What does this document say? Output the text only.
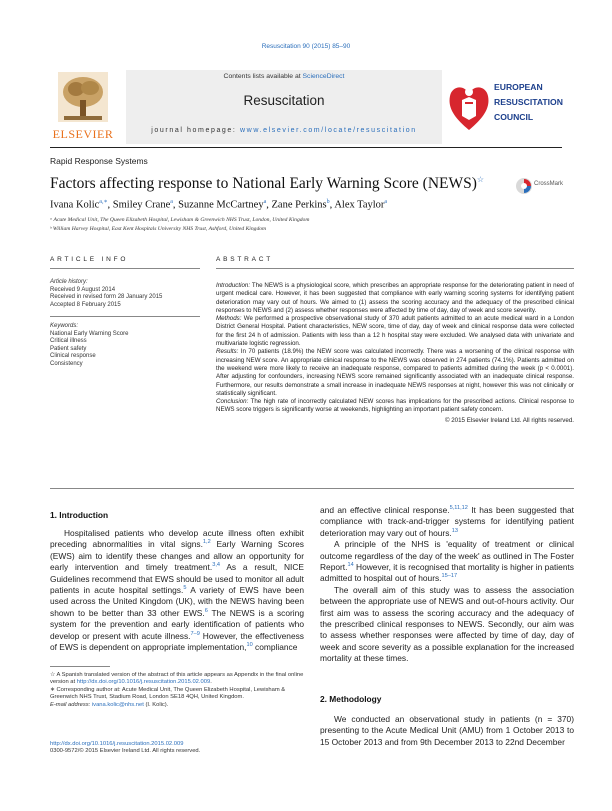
Resuscitation 90 (2015) 85–90
ELSEVIER
Contents lists available at ScienceDirect
Resuscitation
journal homepage: www.elsevier.com/locate/resuscitation
EUROPEAN
RESUSCITATION
COUNCIL
Rapid Response Systems
Factors affecting response to National Early Warning Score (NEWS)☆	CrossMark
Ivana Kolic$^{a,∗}$, Smiley Crane$^a$, Suzanne McCartney$^a$, Zane Perkins$^b$, Alex Taylor$^a$
ᵃ Acute Medical Unit, The Queen Elizabeth Hospital, Lewisham & Greenwich NHS Trust, London, United Kingdom
ᵇ William Harvey Hospital, East Kent Hospitals University NHS Trust, Ashford, United Kingdom
ARTICLE INFO
Article history:
Received 9 August 2014
Received in revised form 28 January 2015
Accepted 8 February 2015
Keywords:
National Early Warning Score
Critical illness
Patient safety
Clinical response
Consistency
ABSTRACT
Introduction: The NEWS is a physiological score, which prescribes an appropriate response for the deteriorating patient in need of urgent medical care. However, it has been suggested that compliance with early warning scoring systems for identifying patient deterioration may vary out of hours. We aimed to (1) assess the scoring accuracy and the adequacy of the prescribed clinical responses to NEWS and (2) assess whether responses were affected by time of day, day of week and score severity.
Methods: We performed a prospective observational study of 370 adult patients admitted to an acute medical ward in a London District General Hospital. Patient characteristics, NEW score, time of day, day of week and clinical response data were collected for the first 24 h of admission. Patients with less than a 12 h hospital stay were excluded. We analysed data with univariate and multivariate logistic regression.
Results: In 70 patients (18.9%) the NEW score was calculated incorrectly. There was a worsening of the clinical response with increasing NEW score. An appropriate clinical response to the NEWS was observed in 274 patients (74.1%). Patients admitted on the weekend were more likely to receive an inadequate response, compared to patients admitted during the week (p < 0.0001). After adjusting for confounders, increasing NEWS score remained significantly associated with an inadequate clinical response. Furthermore, our results demonstrate a small increase in inadequate NEWS responses at night, however this was not clinically or statistically significant.
Conclusion: The high rate of incorrectly calculated NEW scores has implications for the prescribed actions. Clinical response to NEWS score triggers is significantly worse at weekends, highlighting an important patient safety concern.
© 2015 Elsevier Ireland Ltd. All rights reserved.
1. Introduction

Hospitalised patients who develop acute illness often exhibit preceding abnormalities in vital signs.$^{1,2}$ Early Warning Scores (EWS) aim to identify these changes and allow an opportunity for early intervention and timely treatment.$^{3,4}$ As a result, NICE Guidelines recommend that EWS should be used to monitor all adult patients in acute hospital settings.$^5$ A variety of EWS have been used across the United Kingdom (UK), with the NEWS having been shown to be better than 33 other EWS.$^6$ The NEWS is a scoring system for the prevention and early identification of patients who develop or present with acute illness.$^{7-9}$ However, the effectiveness of EWS is dependent on appropriate implementation,$^{10}$ compliance

and an effective clinical response.$^{5,11,12}$ It has been suggested that compliance with track-and-trigger systems for identifying patient deterioration may vary out of hours.$^{13}$

A principle of the NHS is 'equality of treatment or clinical outcome regardless of the day of the week' as outlined in The Foster Report.$^{14}$ However, it is recognised that mortality is higher in patients admitted to hospital out of hours.$^{15-17}$

The overall aim of this study was to assess the association between the appropriate use of NEWS and out-of-hours activity. Our first aim was to assess the scoring accuracy and the adequacy of the prescribed clinical responses to NEWS. Secondly, our aim was to assess whether responses were affected by time of day, day of week and score severity as a possible explanation for the increased mortality at these times.

2. Methodology

We conducted an observational study in patients (n = 370) presenting to the Acute Medical Unit (AMU) from 1 October 2013 to 15 October 2013 and from 9th December 2013 to 22nd December

☆ A Spanish translated version of the abstract of this article appears as Appendix in the final online version at http://dx.doi.org/10.1016/j.resuscitation.2015.02.009.
∗ Corresponding author at: Acute Medical Unit, The Queen Elizabeth Hospital, Lewisham & Greenwich NHS Trust, Stadium Road, London SE18 4QH, United Kingdom.
E-mail address: ivana.kolic@nhs.net (I. Kolic).
http://dx.doi.org/10.1016/j.resuscitation.2015.02.009
0300-9572/© 2015 Elsevier Ireland Ltd. All rights reserved.
